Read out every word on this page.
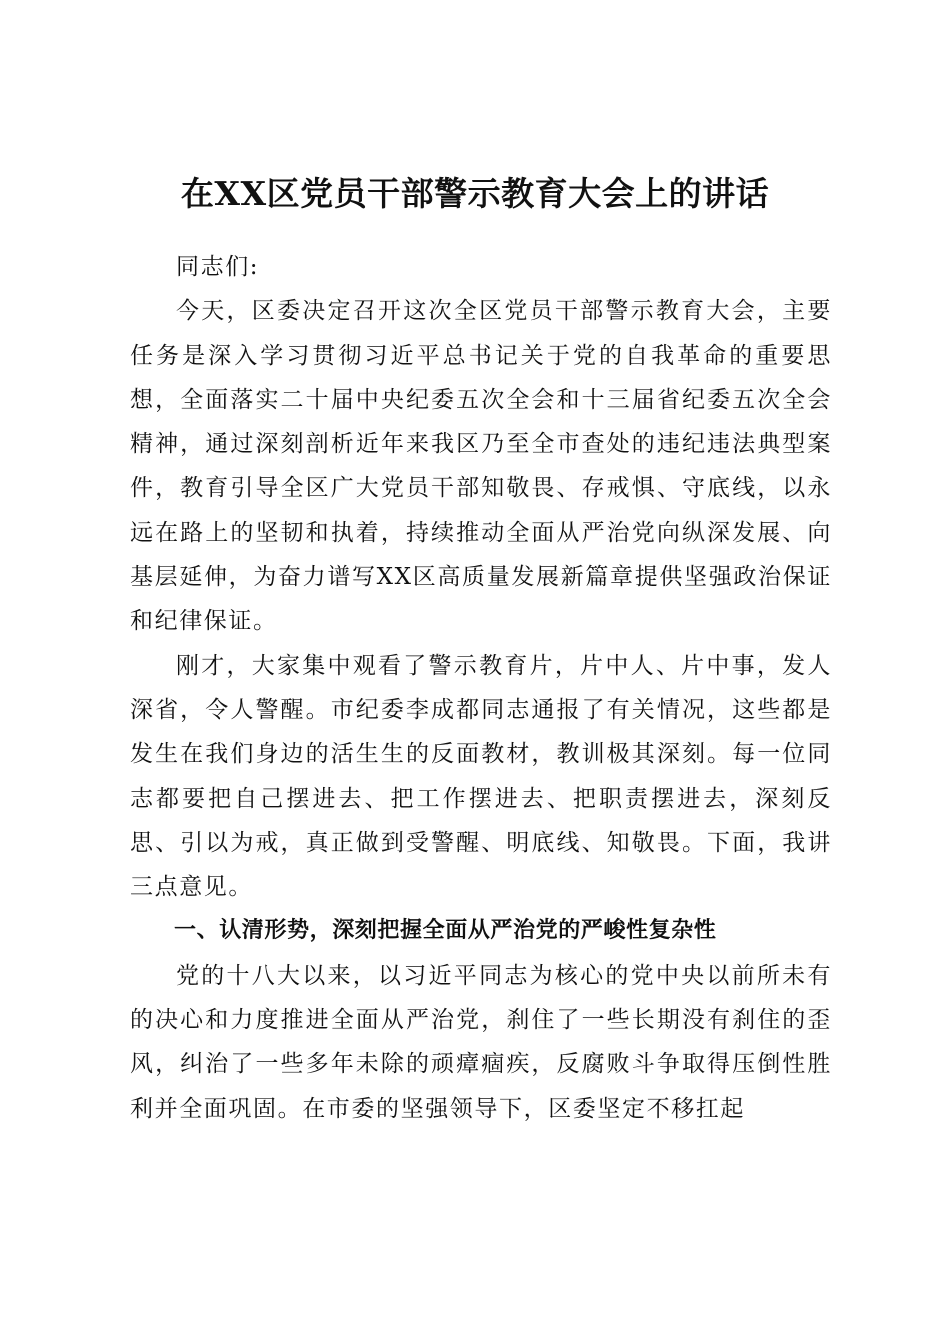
在XX区党员干部警示教育大会上的讲话

同志们:

今天，区委决定召开这次全区党员干部警示教育大会，主要任务是深入学习贯彻习近平总书记关于党的自我革命的重要思想，全面落实二十届中央纪委五次全会和十三届省纪委五次全会精神，通过深刻剖析近年来我区乃至全市查处的违纪违法典型案件，教育引导全区广大党员干部知敬畏、存戒惧、守底线，以永远在路上的坚韧和执着，持续推动全面从严治党向纵深发展、向基层延伸，为奋力谱写XX区高质量发展新篇章提供坚强政治保证和纪律保证。

刚才，大家集中观看了警示教育片，片中人、片中事，发人深省，令人警醒。市纪委李成都同志通报了有关情况，这些都是发生在我们身边的活生生的反面教材，教训极其深刻。每一位同志都要把自己摆进去、把工作摆进去、把职责摆进去，深刻反思、引以为戒，真正做到受警醒、明底线、知敬畏。下面，我讲三点意见。

一、认清形势，深刻把握全面从严治党的严峻性复杂性

党的十八大以来，以习近平同志为核心的党中央以前所未有的决心和力度推进全面从严治党，刹住了一些长期没有刹住的歪风，纠治了一些多年未除的顽瘴痼疾，反腐败斗争取得压倒性胜利并全面巩固。在市委的坚强领导下，区委坚定不移扛起
